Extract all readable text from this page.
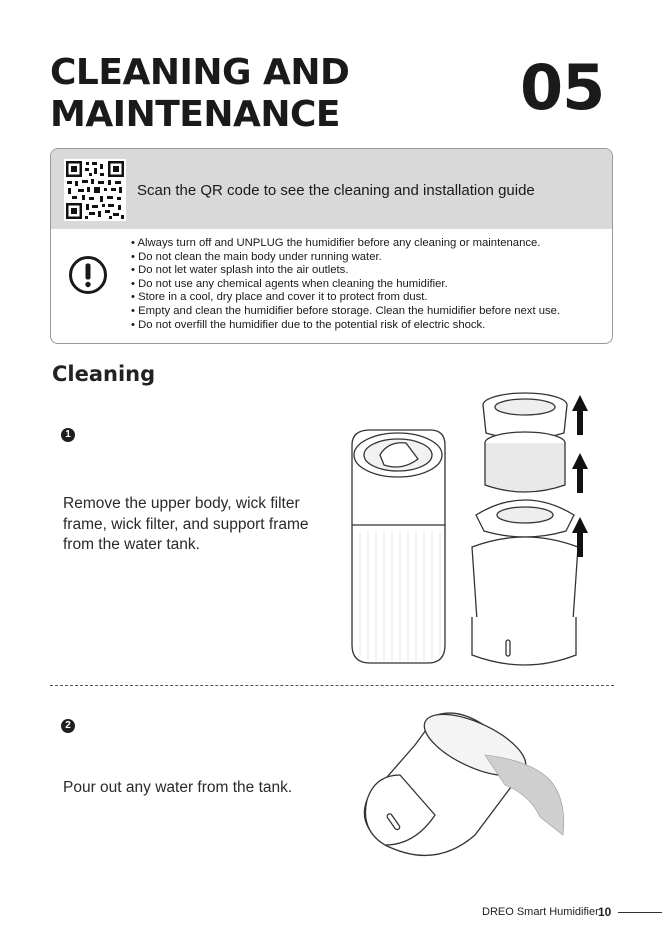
CLEANING AND
MAINTENANCE	05
Scan the QR code to see the cleaning and installation guide
• Always turn off and UNPLUG the humidifier before any cleaning or maintenance.
• Do not clean the main body under running water.
• Do not let water splash into the air outlets.
• Do not use any chemical agents when cleaning the humidifier.
• Store in a cool, dry place and cover it to protect from dust.
• Empty and clean the humidifier before storage. Clean the humidifier before next use.
• Do not overfill the humidifier due to the potential risk of electric shock.
Cleaning
1
Remove the upper body, wick filter
frame, wick filter, and support frame
from the water tank.
2
Pour out any water from the tank.
DREO Smart Humidifier 10
